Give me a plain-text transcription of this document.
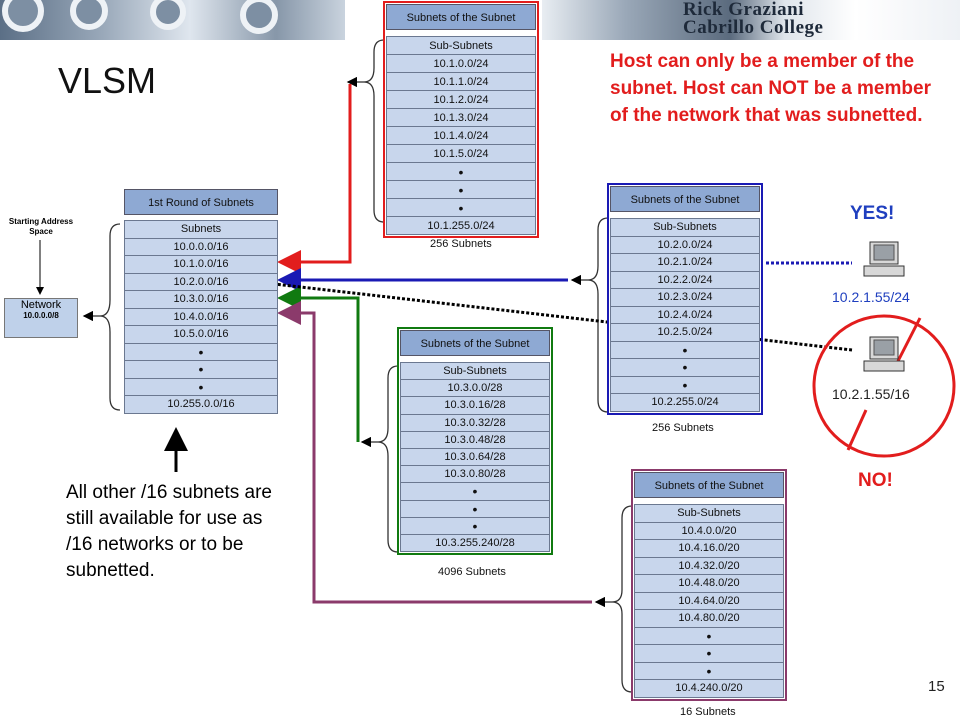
Rick Graziani
Cabrillo College
VLSM	Host can only be a member of the subnet. Host can NOT be a member of the network that was subnetted.
Starting Address Space
Network
10.0.0.0/8
YES!
10.2.1.55/24
10.2.1.55/16
NO!
1st Round of Subnets
Subnets
10.0.0.0/16
10.1.0.0/16
10.2.0.0/16
10.3.0.0/16
10.4.0.0/16
10.5.0.0/16
•
•
•
10.255.0.0/16
Subnets of the Subnet
Sub-Subnets
10.1.0.0/24
10.1.1.0/24
10.1.2.0/24
10.1.3.0/24
10.1.4.0/24
10.1.5.0/24
•
•
•
10.1.255.0/24
Subnets of the Subnet
Sub-Subnets
10.2.0.0/24
10.2.1.0/24
10.2.2.0/24
10.2.3.0/24
10.2.4.0/24
10.2.5.0/24
•
•
•
10.2.255.0/24
Subnets of the Subnet
Sub-Subnets
10.3.0.0/28
10.3.0.16/28
10.3.0.32/28
10.3.0.48/28
10.3.0.64/28
10.3.0.80/28
•
•
•
10.3.255.240/28
Subnets of the Subnet
Sub-Subnets
10.4.0.0/20
10.4.16.0/20
10.4.32.0/20
10.4.48.0/20
10.4.64.0/20
10.4.80.0/20
•
•
•
10.4.240.0/20
256 Subnets
256 Subnets
4096 Subnets
16 Subnets
All other /16 subnets are still available for use as /16 networks or to be subnetted.
15
